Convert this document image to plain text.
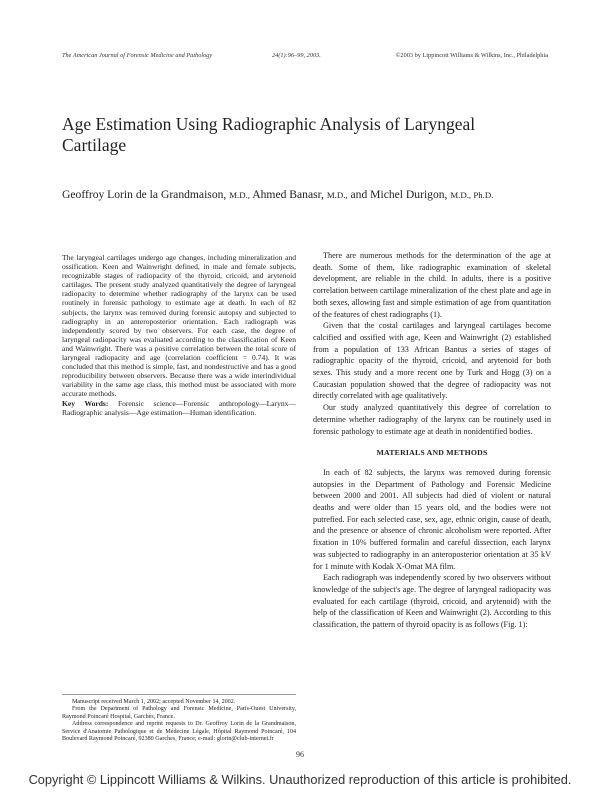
The American Journal of Forensic Medicine and Pathology	24(1):96–99, 2003.	©2003 by Lippincott Williams & Wilkins, Inc., Philadelphia
Age Estimation Using Radiographic Analysis of Laryngeal Cartilage
Geoffroy Lorin de la Grandmaison, M.D., Ahmed Banasr, M.D., and Michel Durigon, M.D., Ph.D.

The laryngeal cartilages undergo age changes, including mineralization and ossification. Keen and Wainwright defined, in male and female subjects, recognizable stages of radiopacity of the thyroid, cricoid, and arytenoid cartilages. The present study analyzed quantitatively the degree of laryngeal radiopacity to determine whether radiography of the larynx can be used routinely in forensic pathology to estimate age at death. In each of 82 subjects, the larynx was removed during forensic autopsy and subjected to radiography in an anteroposterior orientation. Each radiograph was independently scored by two observers. For each case, the degree of laryngeal radiopacity was evaluated according to the classification of Keen and Wainwright. There was a positive correlation between the total score of laryngeal radiopacity and age (correlation coefficient = 0.74). It was concluded that this method is simple, fast, and nondestructive and has a good reproducibility between observers. Because there was a wide interindividual variability in the same age class, this method must be associated with more accurate methods.

Key Words: Forensic science—Forensic anthropology—Larynx—Radiographic analysis—Age estimation—Human identification.

Manuscript received March 1, 2002; accepted November 14, 2002.

From the Department of Pathology and Forensic Medicine, Paris-Ouest University, Raymond Poincaré Hospital, Garches, France.

Address correspondence and reprint requests to Dr. Geoffroy Lorin de la Grandmaison, Service d'Anatomie Pathologique et de Médecine Légale, Hôpital Raymond Poincaré, 104 Boulevard Raymond Poincaré, 92380 Garches, France; e-mail: glorin@club-internet.fr

There are numerous methods for the determination of the age at death. Some of them, like radiographic examination of skeletal development, are reliable in the child. In adults, there is a positive correlation between cartilage mineralization of the chest plate and age in both sexes, allowing fast and simple estimation of age from quantitation of the features of chest radiographs (1).

Given that the costal cartilages and laryngeal cartilages become calcified and ossified with age, Keen and Wainwright (2) established from a population of 133 African Bantus a series of stages of radiographic opacity of the thyroid, cricoid, and arytenoid for both sexes. This study and a more recent one by Turk and Hogg (3) on a Caucasian population showed that the degree of radiopacity was not directly correlated with age qualitatively.

Our study analyzed quantitatively this degree of correlation to determine whether radiography of the larynx can be routinely used in forensic pathology to estimate age at death in nonidentified bodies.

MATERIALS AND METHODS

In each of 82 subjects, the larynx was removed during forensic autopsies in the Department of Pathology and Forensic Medicine between 2000 and 2001. All subjects had died of violent or natural deaths and were older than 15 years old, and the bodies were not putrefied. For each selected case, sex, age, ethnic origin, cause of death, and the presence or absence of chronic alcoholism were reported. After fixation in 10% buffered formalin and careful dissection, each larynx was subjected to radiography in an anteroposterior orientation at 35 kV for 1 minute with Kodak X-Omat MA film.

Each radiograph was independently scored by two observers without knowledge of the subject's age. The degree of laryngeal radiopacity was evaluated for each cartilage (thyroid, cricoid, and arytenoid) with the help of the classification of Keen and Wainwright (2). According to this classification, the pattern of thyroid opacity is as follows (Fig. 1):

96
Copyright © Lippincott Williams & Wilkins. Unauthorized reproduction of this article is prohibited.
